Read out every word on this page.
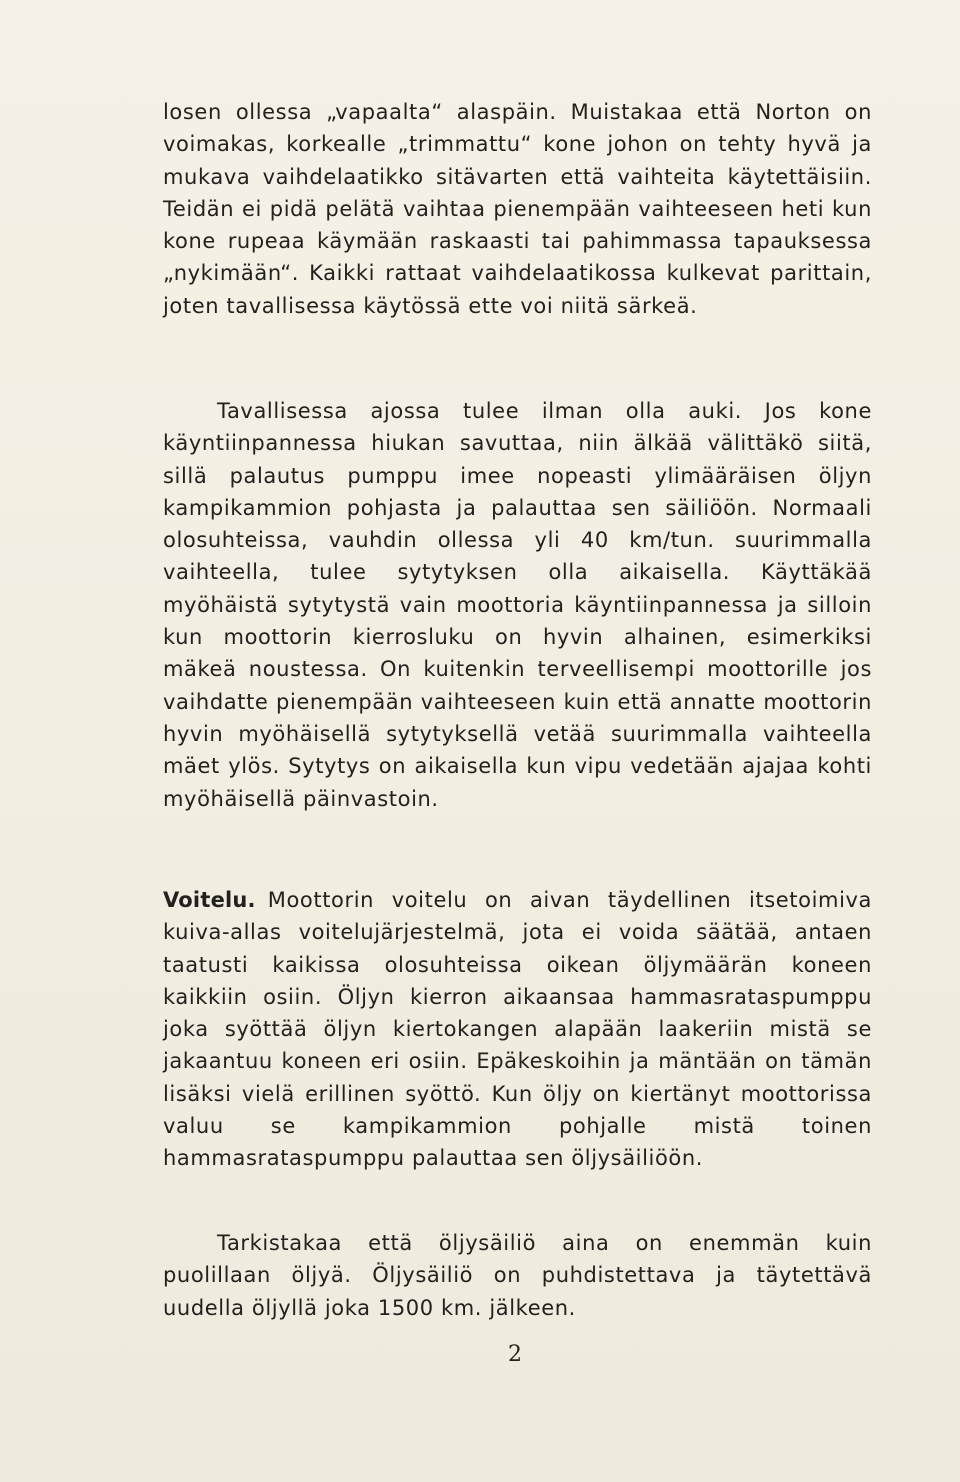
losen ollessa „vapaalta“ alaspäin. Muistakaa että Norton on voimakas, korkealle „trimmattu“ kone johon on tehty hyvä ja mukava vaihdelaatikko sitävarten että vaihteita käytettäisiin. Teidän ei pidä pelätä vaihtaa pienempään vaihteeseen heti kun kone rupeaa käymään raskaasti tai pahimmassa tapauksessa „nykimään“. Kaikki rattaat vaihdelaatikossa kulkevat parittain, joten tavallisessa käytössä ette voi niitä särkeä.

Tavallisessa ajossa tulee ilman olla auki. Jos kone käyntiinpannessa hiukan savuttaa, niin älkää välittäkö siitä, sillä palautus pumppu imee nopeasti ylimääräisen öljyn kampikammion pohjasta ja palauttaa sen säiliöön. Normaali olosuhteissa, vauhdin ollessa yli 40 km/tun. suurimmalla vaihteella, tulee sytytyksen olla aikaisella. Käyttäkää myöhäistä sytytystä vain moottoria käyntiinpannessa ja silloin kun moottorin kierrosluku on hyvin alhainen, esimerkiksi mäkeä noustessa. On kuitenkin terveellisempi moottorille jos vaihdatte pienempään vaihteeseen kuin että annatte moottorin hyvin myöhäisellä sytytyksellä vetää suurimmalla vaihteella mäet ylös. Sytytys on aikaisella kun vipu vedetään ajajaa kohti myöhäisellä päinvastoin.

Voitelu. Moottorin voitelu on aivan täydellinen itsetoimiva kuiva-allas voitelujärjestelmä, jota ei voida säätää, antaen taatusti kaikissa olosuhteissa oikean öljymäärän koneen kaikkiin osiin. Öljyn kierron aikaansaa hammasrataspumppu joka syöttää öljyn kiertokangen alapään laakeriin mistä se jakaantuu koneen eri osiin. Epäkeskoihin ja mäntään on tämän lisäksi vielä erillinen syöttö. Kun öljy on kiertänyt moottorissa valuu se kampikammion pohjalle mistä toinen hammasrataspumppu palauttaa sen öljysäiliöön.

Tarkistakaa että öljysäiliö aina on enemmän kuin puolillaan öljyä. Öljysäiliö on puhdistettava ja täytettävä uudella öljyllä joka 1500 km. jälkeen.

2
